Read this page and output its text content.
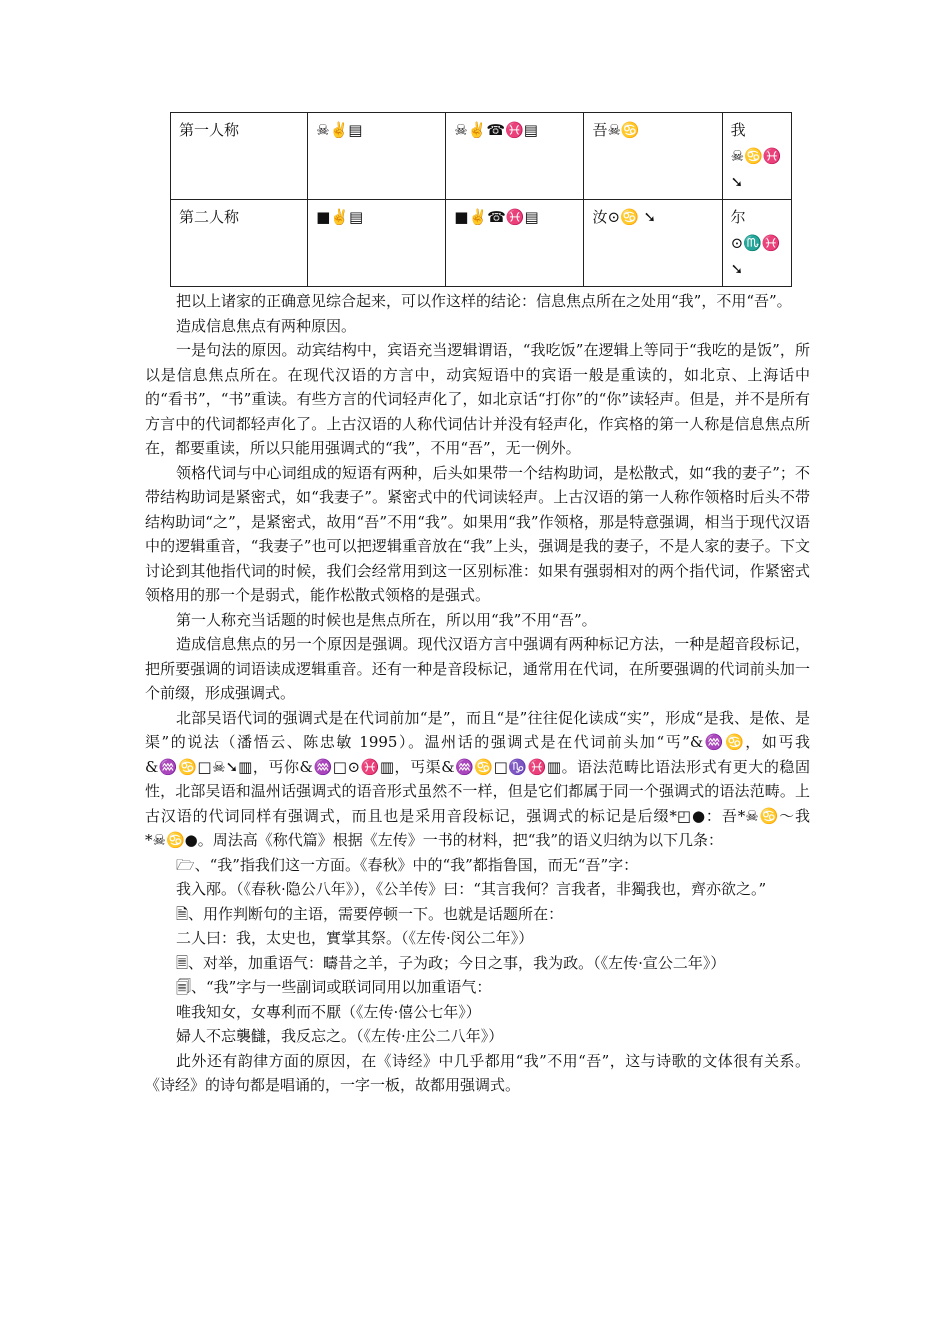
第一人称	☠✌▤	☠✌☎♓▤	吾☠♋	我 ☠♋♓ ➘
第二人称	■✌▤	■✌☎♓▤	汝⊙♋ ➘	尔 ⊙♏♓ ➘

把以上诸家的正确意见综合起来，可以作这样的结论：信息焦点所在之处用“我”，不用“吾”。

造成信息焦点有两种原因。

一是句法的原因。动宾结构中，宾语充当逻辑谓语，“我吃饭”在逻辑上等同于“我吃的是饭”，所以是信息焦点所在。在现代汉语的方言中，动宾短语中的宾语一般是重读的，如北京、上海话中的“看书”，“书”重读。有些方言的代词轻声化了，如北京话“打你”的“你”读轻声。但是，并不是所有方言中的代词都轻声化了。上古汉语的人称代词估计并没有轻声化，作宾格的第一人称是信息焦点所在，都要重读，所以只能用强调式的“我”，不用“吾”，无一例外。

领格代词与中心词组成的短语有两种，后头如果带一个结构助词，是松散式，如“我的妻子”；不带结构助词是紧密式，如“我妻子”。紧密式中的代词读轻声。上古汉语的第一人称作领格时后头不带结构助词“之”，是紧密式，故用“吾”不用“我”。如果用“我”作领格，那是特意强调，相当于现代汉语中的逻辑重音，“我妻子”也可以把逻辑重音放在“我”上头，强调是我的妻子，不是人家的妻子。下文讨论到其他指代词的时候，我们会经常用到这一区别标准：如果有强弱相对的两个指代词，作紧密式领格用的那一个是弱式，能作松散式领格的是强式。

第一人称充当话题的时候也是焦点所在，所以用“我”不用“吾”。

造成信息焦点的另一个原因是强调。现代汉语方言中强调有两种标记方法，一种是超音段标记，把所要强调的词语读成逻辑重音。还有一种是音段标记，通常用在代词，在所要强调的代词前头加一个前缀，形成强调式。

北部吴语代词的强调式是在代词前加“是”，而且“是”往往促化读成“实”，形成“是我、是侬、是渠”的说法（潘悟云、陈忠敏 1995）。温州话的强调式是在代词前头加“丐”&♒♋，如丐我&♒♋□☠➘▥，丐你&♒□⊙♓▥，丐渠&♒♋□♑♓▥。语法范畴比语法形式有更大的稳固性，北部吴语和温州话强调式的语音形式虽然不一样，但是它们都属于同一个强调式的语法范畴。上古汉语的代词同样有强调式，而且也是采用音段标记，强调式的标记是后缀*◰●：吾*☠♋～我*☠♋●。周法高《称代篇》根据《左传》一书的材料，把“我”的语义归纳为以下几条：

🗁、“我”指我们这一方面。《春秋》中的“我”都指鲁国，而无“吾”字：

我入邴。（《春秋·隐公八年》），《公羊传》曰：“其言我何？言我者，非獨我也，齊亦欲之。”

🗎、用作判断句的主语，需要停顿一下。也就是话题所在：

二人曰：我，太史也，實掌其祭。（《左传·闵公二年》）

🗏、对举，加重语气：疇昔之羊，子为政；今日之事，我为政。（《左传·宣公二年》）

🗐、“我”字与一些副词或联词同用以加重语气：

唯我知女，女專利而不厭（《左传·僖公七年》）

婦人不忘襲讎，我反忘之。（《左传·庄公二八年》）

此外还有韵律方面的原因，在《诗经》中几乎都用“我”不用“吾”，这与诗歌的文体很有关系。《诗经》的诗句都是唱诵的，一字一板，故都用强调式。
